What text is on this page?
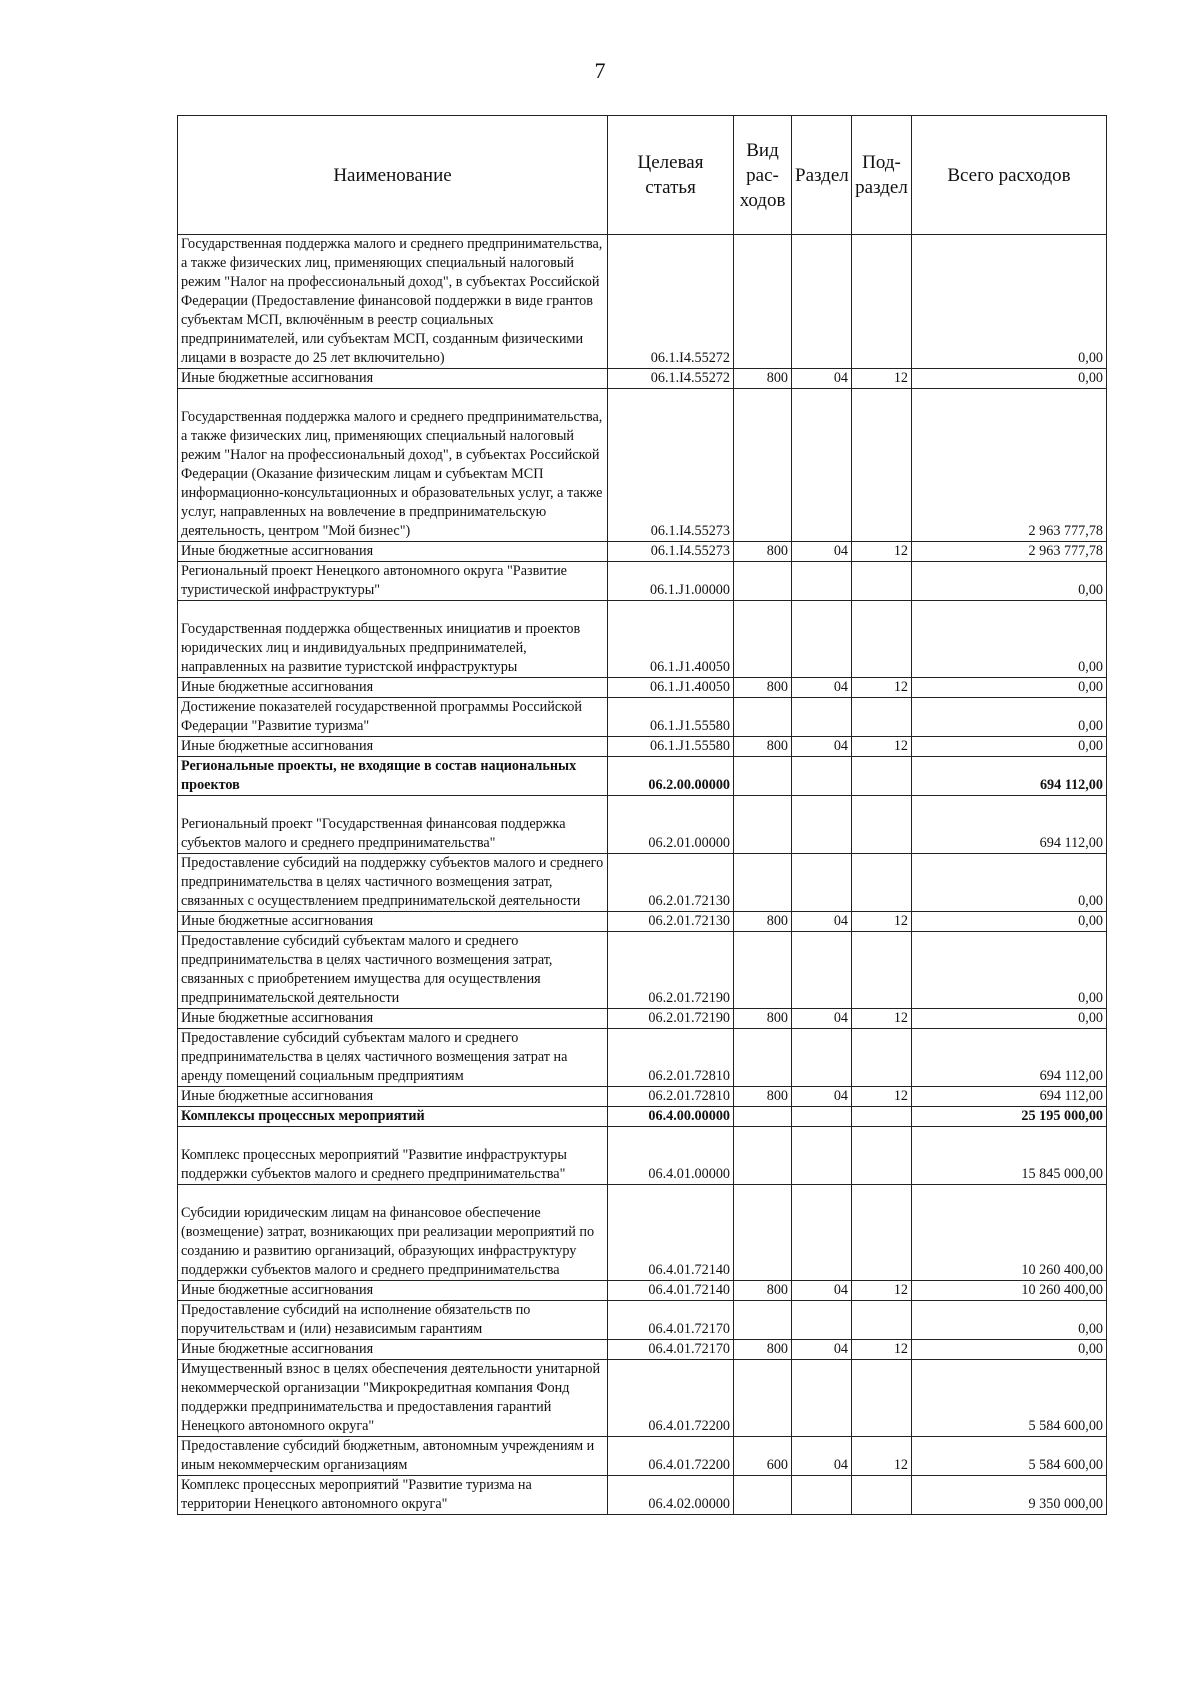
7
Наименование	Целевая статья	Вид рас- ходов	Раздел	Под- раздел	Всего расходов
Государственная поддержка малого и среднего предпринимательства, а также физических лиц, применяющих специальный налоговый режим "Налог на профессиональный доход", в субъектах Российской Федерации (Предоставление финансовой поддержки в виде грантов субъектам МСП, включённым в реестр социальных предпринимателей, или субъектам МСП, созданным физическими лицами в возрасте до 25 лет включительно)	06.1.I4.55272				0,00
Иные бюджетные ассигнования	06.1.I4.55272	800	04	12	0,00
Государственная поддержка малого и среднего предпринимательства, а также физических лиц, применяющих специальный налоговый режим "Налог на профессиональный доход", в субъектах Российской Федерации (Оказание физическим лицам и субъектам МСП информационно-консультационных и образовательных услуг, а также услуг, направленных на вовлечение в предпринимательскую деятельность, центром "Мой бизнес")	06.1.I4.55273				2 963 777,78
Иные бюджетные ассигнования	06.1.I4.55273	800	04	12	2 963 777,78
Региональный проект Ненецкого автономного округа "Развитие туристической инфраструктуры"	06.1.J1.00000				0,00
Государственная поддержка общественных инициатив и проектов юридических лиц и индивидуальных предпринимателей, направленных на развитие туристской инфраструктуры	06.1.J1.40050				0,00
Иные бюджетные ассигнования	06.1.J1.40050	800	04	12	0,00
Достижение показателей государственной программы Российской Федерации "Развитие туризма"	06.1.J1.55580				0,00
Иные бюджетные ассигнования	06.1.J1.55580	800	04	12	0,00
Региональные проекты, не входящие в состав национальных проектов	06.2.00.00000				694 112,00
Региональный проект "Государственная финансовая поддержка субъектов малого и среднего предпринимательства"	06.2.01.00000				694 112,00
Предоставление субсидий на поддержку субъектов малого и среднего предпринимательства в целях частичного возмещения затрат, связанных с осуществлением предпринимательской деятельности	06.2.01.72130				0,00
Иные бюджетные ассигнования	06.2.01.72130	800	04	12	0,00
Предоставление субсидий субъектам малого и среднего предпринимательства в целях частичного возмещения затрат, связанных с приобретением имущества для осуществления предпринимательской деятельности	06.2.01.72190				0,00
Иные бюджетные ассигнования	06.2.01.72190	800	04	12	0,00
Предоставление субсидий субъектам малого и среднего предпринимательства в целях частичного возмещения затрат на аренду помещений социальным предприятиям	06.2.01.72810				694 112,00
Иные бюджетные ассигнования	06.2.01.72810	800	04	12	694 112,00
Комплексы процессных мероприятий	06.4.00.00000				25 195 000,00
Комплекс процессных мероприятий "Развитие инфраструктуры поддержки субъектов малого и среднего предпринимательства"	06.4.01.00000				15 845 000,00
Субсидии юридическим лицам на финансовое обеспечение (возмещение) затрат, возникающих при реализации мероприятий по созданию и развитию организаций, образующих инфраструктуру поддержки субъектов малого и среднего предпринимательства	06.4.01.72140				10 260 400,00
Иные бюджетные ассигнования	06.4.01.72140	800	04	12	10 260 400,00
Предоставление субсидий на исполнение обязательств по поручительствам и (или) независимым гарантиям	06.4.01.72170				0,00
Иные бюджетные ассигнования	06.4.01.72170	800	04	12	0,00
Имущественный взнос в целях обеспечения деятельности унитарной некоммерческой организации "Микрокредитная компания Фонд поддержки предпринимательства и предоставления гарантий Ненецкого автономного округа"	06.4.01.72200				5 584 600,00
Предоставление субсидий бюджетным, автономным учреждениям и иным некоммерческим организациям	06.4.01.72200	600	04	12	5 584 600,00
Комплекс процессных мероприятий "Развитие туризма на территории Ненецкого автономного округа"	06.4.02.00000				9 350 000,00
